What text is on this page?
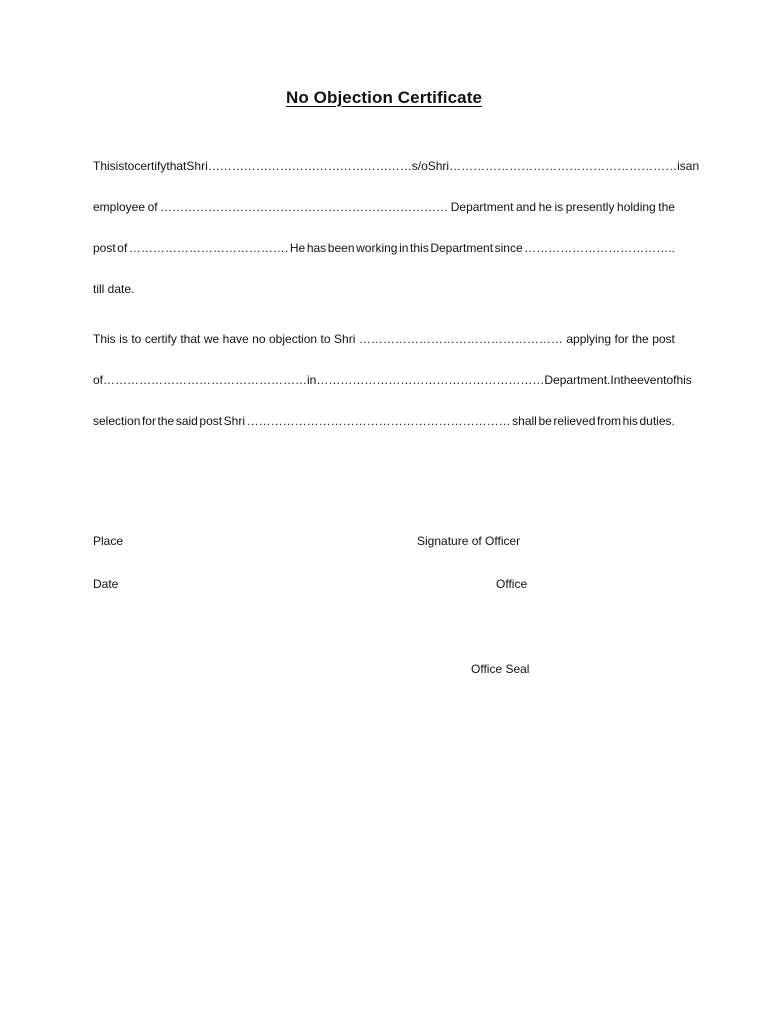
No Objection Certificate
This is to certify that Shri…………………………………………… s/o Shri………………………………………………… is an
employee of ……………………………………………………………… Department and he is presently holding the
post of …………………………………. He has been working in this Department since ………………………………..
till date.
This is to certify that we have no objection to Shri …………………………………………… applying for the post
of …………………………………………… in ………………………………………………… Department. In the event of his
selection for the said post Shri ………………………………………………………… shall be relieved from his duties.
Place
Date
Signature of Officer
Office
Office Seal
